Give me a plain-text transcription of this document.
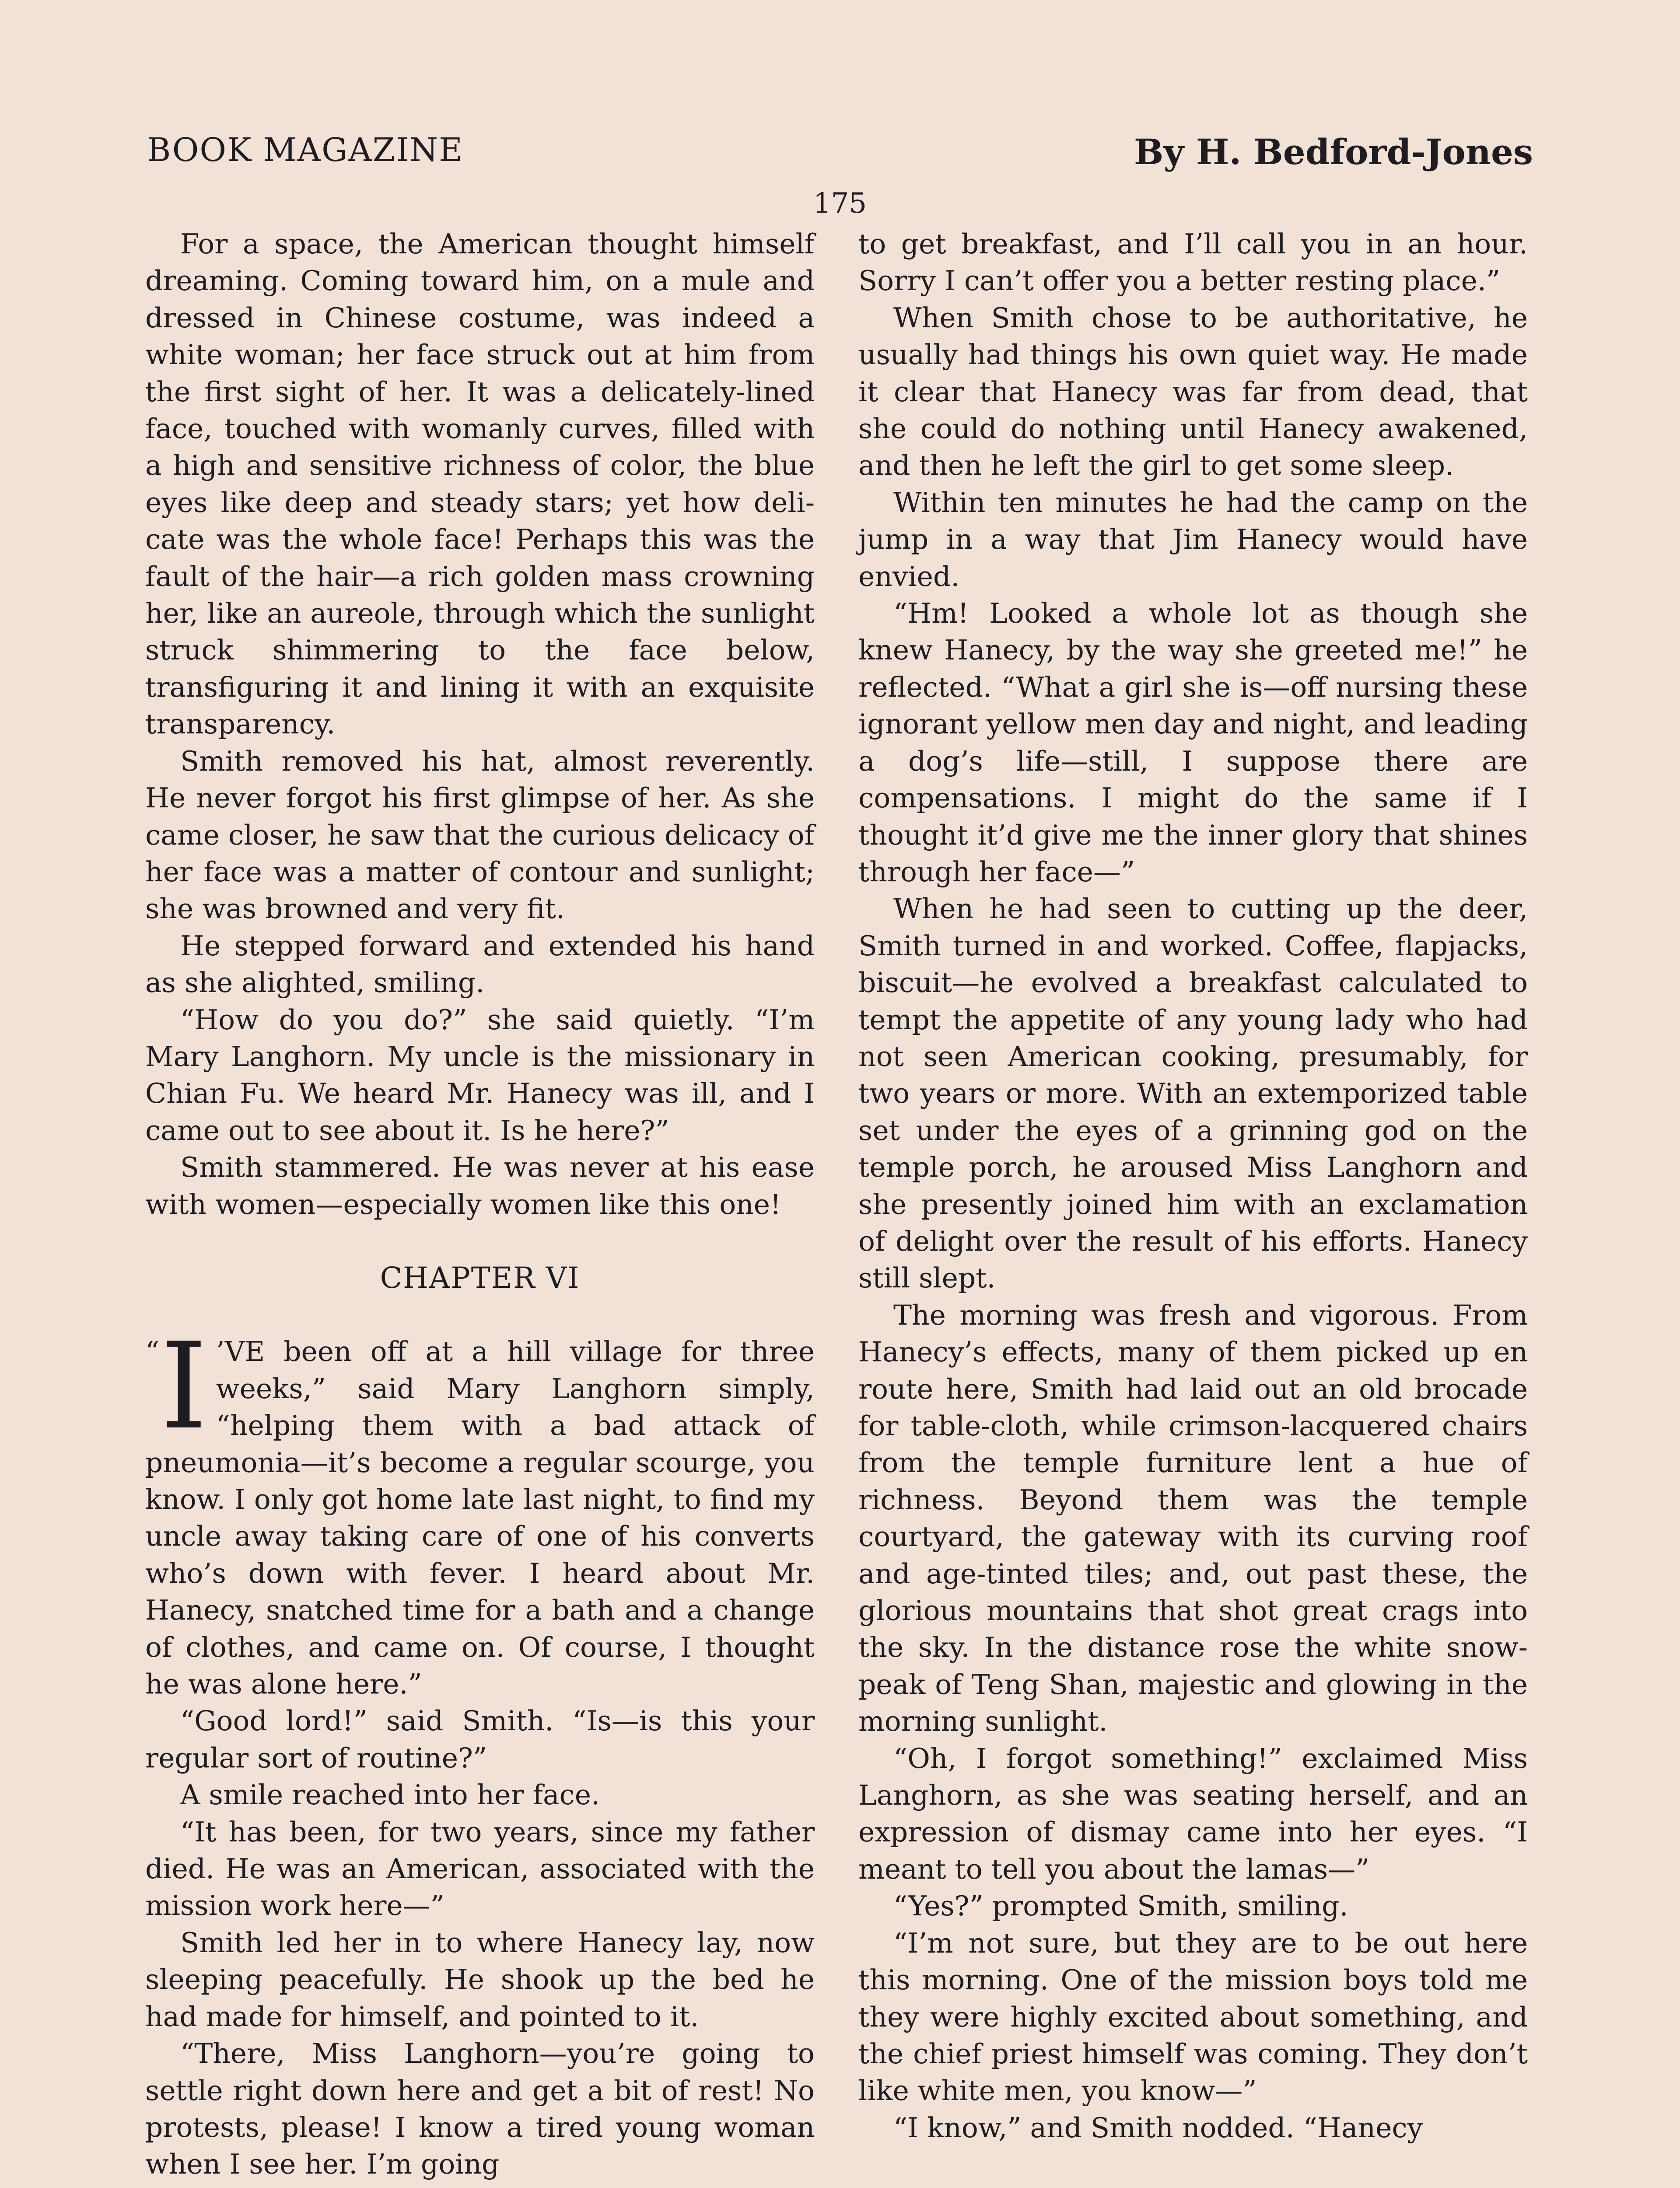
BOOK MAGAZINE	By H. Bedford-Jones
175

For a space, the American thought himself dreaming. Coming toward him, on a mule and dressed in Chinese costume, was indeed a white woman; her face struck out at him from the first sight of her. It was a delicately-lined face, touched with womanly curves, filled with a high and sensitive richness of color, the blue eyes like deep and steady stars; yet how delicate was the whole face! Perhaps this was the fault of the hair—a rich golden mass crowning her, like an aureole, through which the sunlight struck shimmering to the face below, transfiguring it and lining it with an exquisite transparency.

Smith removed his hat, almost reverently. He never forgot his first glimpse of her. As she came closer, he saw that the curious delicacy of her face was a matter of contour and sunlight; she was browned and very fit.

He stepped forward and extended his hand as she alighted, smiling.

“How do you do?” she said quietly. “I’m Mary Langhorn. My uncle is the missionary in Chian Fu. We heard Mr. Hanecy was ill, and I came out to see about it. Is he here?”

Smith stammered. He was never at his ease with women—especially women like this one!

CHAPTER VI

“ I ’VE been off at a hill village for three weeks,” said Mary Langhorn simply, “helping them with a bad attack of pneumonia—it’s become a regular scourge, you know. I only got home late last night, to find my uncle away taking care of one of his converts who’s down with fever. I heard about Mr. Hanecy, snatched time for a bath and a change of clothes, and came on. Of course, I thought he was alone here.”

“Good lord!” said Smith. “Is—is this your regular sort of routine?”

A smile reached into her face.

“It has been, for two years, since my father died. He was an American, associated with the mission work here—”

Smith led her in to where Hanecy lay, now sleeping peacefully. He shook up the bed he had made for himself, and pointed to it.

“There, Miss Langhorn—you’re going to settle right down here and get a bit of rest! No protests, please! I know a tired young woman when I see her. I’m going

to get breakfast, and I’ll call you in an hour. Sorry I can’t offer you a better resting place.”

When Smith chose to be authoritative, he usually had things his own quiet way. He made it clear that Hanecy was far from dead, that she could do nothing until Hanecy awakened, and then he left the girl to get some sleep.

Within ten minutes he had the camp on the jump in a way that Jim Hanecy would have envied.

“Hm! Looked a whole lot as though she knew Hanecy, by the way she greeted me!” he reflected. “What a girl she is—off nursing these ignorant yellow men day and night, and leading a dog’s life—still, I suppose there are compensations. I might do the same if I thought it’d give me the inner glory that shines through her face—”

When he had seen to cutting up the deer, Smith turned in and worked. Coffee, flapjacks, biscuit—he evolved a breakfast calculated to tempt the appetite of any young lady who had not seen American cooking, presumably, for two years or more. With an extemporized table set under the eyes of a grinning god on the temple porch, he aroused Miss Langhorn and she presently joined him with an exclamation of delight over the result of his efforts. Hanecy still slept.

The morning was fresh and vigorous. From Hanecy’s effects, many of them picked up en route here, Smith had laid out an old brocade for table-cloth, while crimson-lacquered chairs from the temple furniture lent a hue of richness. Beyond them was the temple courtyard, the gateway with its curving roof and age-tinted tiles; and, out past these, the glorious mountains that shot great crags into the sky. In the distance rose the white snow-peak of Teng Shan, majestic and glowing in the morning sunlight.

“Oh, I forgot something!” exclaimed Miss Langhorn, as she was seating herself, and an expression of dismay came into her eyes. “I meant to tell you about the lamas—”

“Yes?” prompted Smith, smiling.

“I’m not sure, but they are to be out here this morning. One of the mission boys told me they were highly excited about something, and the chief priest himself was coming. They don’t like white men, you know—”

“I know,” and Smith nodded. “Hanecy
